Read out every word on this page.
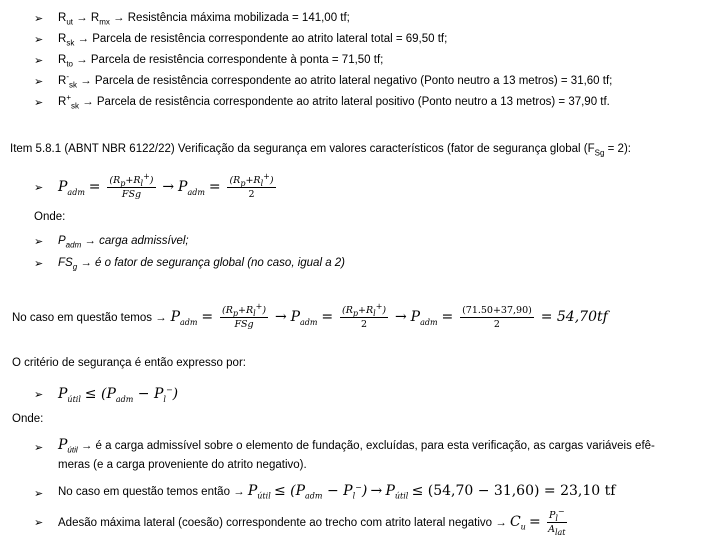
➢ $R_{ut} \to R_{mx}$ → Resistência máxima mobilizada = 141,00 tf;
➢ $R_{sk}$ → Parcela de resistência correspondente ao atrito lateral total = 69,50 tf;
➢ $R_{to}$ → Parcela de resistência correspondente à ponta = 71,50 tf;
➢ $R^-_{sk}$ → Parcela de resistência correspondente ao atrito lateral negativo (Ponto neutro a 13 metros) = 31,60 tf;
➢ $R^+_{sk}$ → Parcela de resistência correspondente ao atrito lateral positivo (Ponto neutro a 13 metros) = 37,90 tf.
Item 5.8.1 (ABNT NBR 6122/22) Verificação da segurança em valores característicos (fator de segurança global $(F_{Sg} = 2)$:
➢ $P_{adm} = \frac{(R_p+R_l^+)}{\text{FSg}} \to P_{adm} = \frac{(R_p+R_l^+)}{2}$
Onde:
➢ $P_{adm}$ → carga admissível;
➢ $FS_g$ → é o fator de segurança global (no caso, igual a 2)
No caso em questão temos → $P_{adm} = \frac{(R_p+R_l^+)}{\text{FSg}} \to P_{adm} = \frac{(R_p+R_l^+)}{2} \to P_{adm} = \frac{(71.50+37,90)}{2} = 54,70tf$
O critério de segurança é então expresso por:
➢ $P_{útil} \le (P_{adm} - P_l^-)$
Onde:
➢ $P_{útil}$ → é a carga admissível sobre o elemento de fundação, excluídas, para esta verificação, as cargas variáveis efê-
meras (e a carga proveniente do atrito negativo).
➢ No caso em questão temos então → $P_{útil} \le (P_{adm} - P_l^-) \to P_{útil} \le (54,70 - 31,60) = 23,10$ tf
➢ Adesão máxima lateral (coesão) correspondente ao trecho com atrito lateral negativo → $C_u = \frac{P_l^-}{A_{lat}}$
